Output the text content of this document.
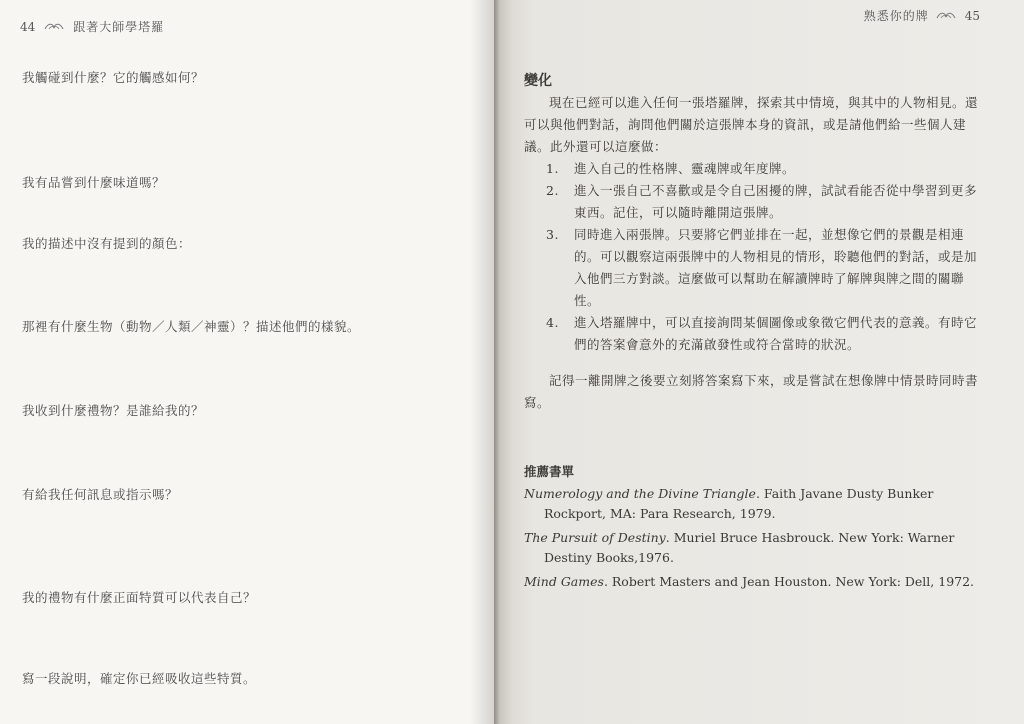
44	跟著大師學塔羅
我觸碰到什麼？它的觸感如何？
我有品嘗到什麼味道嗎？
我的描述中沒有提到的顏色：
那裡有什麼生物（動物／人類／神靈）？描述他們的樣貌。
我收到什麼禮物？是誰給我的？
有給我任何訊息或指示嗎？
我的禮物有什麼正面特質可以代表自己？
寫一段說明，確定你已經吸收這些特質。
熟悉你的牌	45
變化

現在已經可以進入任何一張塔羅牌，探索其中情境，與其中的人物相見。還可以與他們對話，詢問他們關於這張牌本身的資訊，或是請他們給一些個人建議。此外還可以這麼做：

1. 進入自己的性格牌、靈魂牌或年度牌。
2. 進入一張自己不喜歡或是令自己困擾的牌，試試看能否從中學習到更多東西。記住，可以隨時離開這張牌。
3. 同時進入兩張牌。只要將它們並排在一起，並想像它們的景觀是相連的。可以觀察這兩張牌中的人物相見的情形，聆聽他們的對話，或是加入他們三方對談。這麼做可以幫助在解讀牌時了解牌與牌之間的關聯性。
4. 進入塔羅牌中，可以直接詢問某個圖像或象徵它們代表的意義。有時它們的答案會意外的充滿啟發性或符合當時的狀況。

記得一離開牌之後要立刻將答案寫下來，或是嘗試在想像牌中情景時同時書寫。

推薦書單
Numerology and the Divine Triangle. Faith Javane Dusty Bunker Rockport, MA: Para Research, 1979.
The Pursuit of Destiny. Muriel Bruce Hasbrouck. New York: Warner Destiny Books,1976.
Mind Games. Robert Masters and Jean Houston. New York: Dell, 1972.
